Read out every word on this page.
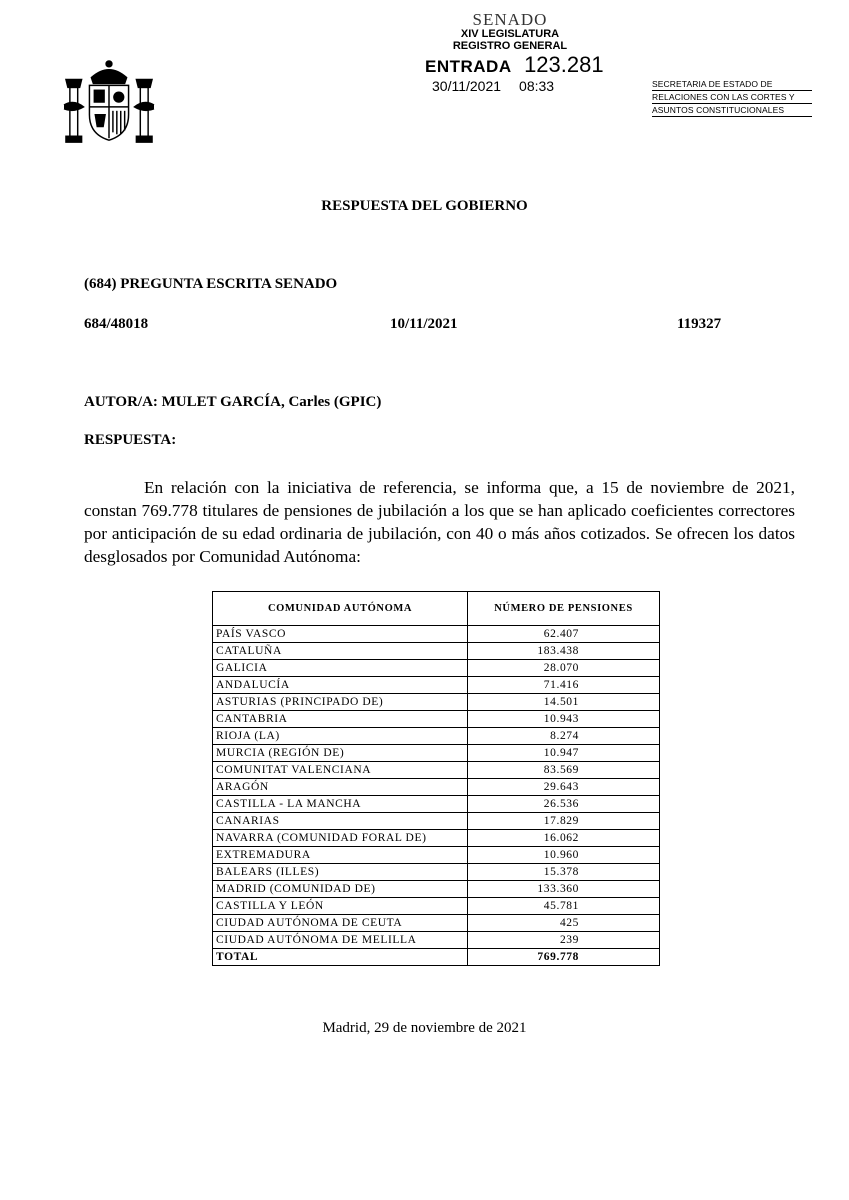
SENADO
XIV LEGISLATURA
REGISTRO GENERAL
ENTRADA 123.281
30/11/2021 08:33	SECRETARIA DE ESTADO DE
RELACIONES CON LAS CORTES Y
ASUNTOS CONSTITUCIONALES
RESPUESTA DEL GOBIERNO
(684) PREGUNTA ESCRITA SENADO
684/48018	10/11/2021	119327
AUTOR/A: MULET GARCÍA, Carles (GPIC)
RESPUESTA:

En relación con la iniciativa de referencia, se informa que, a 15 de noviembre de 2021, constan 769.778 titulares de pensiones de jubilación a los que se han aplicado coeficientes correctores por anticipación de su edad ordinaria de jubilación, con 40 o más años cotizados. Se ofrecen los datos desglosados por Comunidad Autónoma:

COMUNIDAD AUTÓNOMA	NÚMERO DE PENSIONES
PAÍS VASCO	62.407
CATALUÑA	183.438
GALICIA	28.070
ANDALUCÍA	71.416
ASTURIAS (PRINCIPADO DE)	14.501
CANTABRIA	10.943
RIOJA (LA)	8.274
MURCIA (REGIÓN DE)	10.947
COMUNITAT VALENCIANA	83.569
ARAGÓN	29.643
CASTILLA - LA MANCHA	26.536
CANARIAS	17.829
NAVARRA (COMUNIDAD FORAL DE)	16.062
EXTREMADURA	10.960
BALEARS (ILLES)	15.378
MADRID (COMUNIDAD DE)	133.360
CASTILLA Y LEÓN	45.781
CIUDAD AUTÓNOMA DE CEUTA	425
CIUDAD AUTÓNOMA DE MELILLA	239
TOTAL	769.778
Madrid, 29 de noviembre de 2021
